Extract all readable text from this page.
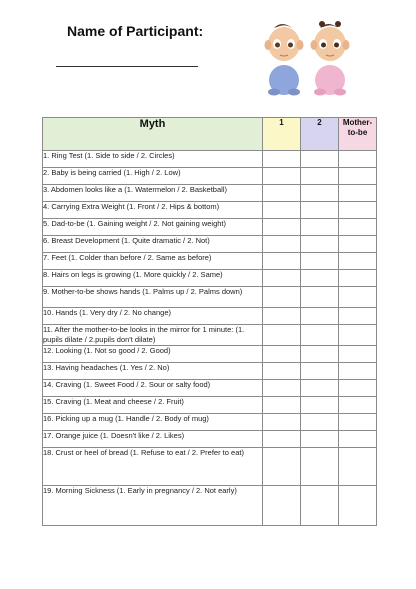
Name of Participant:
Myth	1	2	Mother-to-be
1. Ring Test (1. Side to side / 2. Circles)			
2. Baby is being carried (1. High / 2. Low)			
3. Abdomen looks like a (1. Watermelon / 2. Basketball)			
4. Carrying Extra Weight (1. Front / 2. Hips & bottom)			
5. Dad-to-be (1. Gaining weight / 2. Not gaining weight)			
6. Breast Development (1. Quite dramatic / 2. Not)			
7. Feet (1. Colder than before / 2. Same as before)			
8. Hairs on legs is growing (1. More quickly / 2. Same)			
9. Mother-to-be shows hands (1. Palms up / 2. Palms down)			
10. Hands (1. Very dry / 2. No change)			
11. After the mother-to-be looks in the mirror for 1 minute: (1. pupils dilate / 2.pupils don't dilate)			
12. Looking (1. Not so good / 2. Good)			
13. Having headaches (1. Yes / 2. No)			
14. Craving (1. Sweet Food / 2. Sour or salty food)			
15. Craving (1. Meat and cheese / 2. Fruit)			
16. Picking up a mug (1. Handle / 2. Body of mug)			
17. Orange juice (1. Doesn't like / 2. Likes)			
18. Crust or heel of bread (1. Refuse to eat / 2. Prefer to eat)			
19. Morning Sickness (1. Early in pregnancy / 2. Not early)			
